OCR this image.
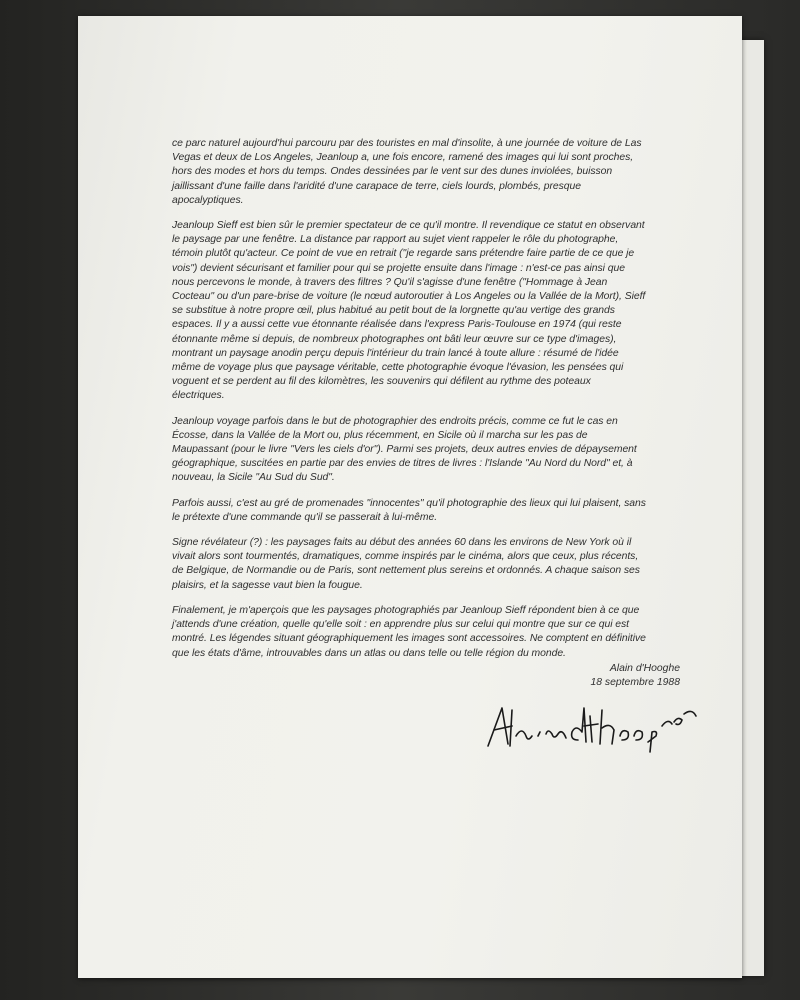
ce parc naturel aujourd'hui parcouru par des touristes en mal d'insolite, à une journée de voiture de Las Vegas et deux de Los Angeles, Jeanloup a, une fois encore, ramené des images qui lui sont proches, hors des modes et hors du temps. Ondes dessinées par le vent sur des dunes inviolées, buisson jaillissant d'une faille dans l'aridité d'une carapace de terre, ciels lourds, plombés, presque apocalyptiques.

Jeanloup Sieff est bien sûr le premier spectateur de ce qu'il montre. Il revendique ce statut en observant le paysage par une fenêtre. La distance par rapport au sujet vient rappeler le rôle du photographe, témoin plutôt qu'acteur. Ce point de vue en retrait ("je regarde sans prétendre faire partie de ce que je vois") devient sécurisant et familier pour qui se projette ensuite dans l'image : n'est-ce pas ainsi que nous percevons le monde, à travers des filtres ? Qu'il s'agisse d'une fenêtre ("Hommage à Jean Cocteau" ou d'un pare-brise de voiture (le nœud autoroutier à Los Angeles ou la Vallée de la Mort), Sieff se substitue à notre propre œil, plus habitué au petit bout de la lorgnette qu'au vertige des grands espaces. Il y a aussi cette vue étonnante réalisée dans l'express Paris-Toulouse en 1974 (qui reste étonnante même si depuis, de nombreux photographes ont bâti leur œuvre sur ce type d'images), montrant un paysage anodin perçu depuis l'intérieur du train lancé à toute allure : résumé de l'idée même de voyage plus que paysage véritable, cette photographie évoque l'évasion, les pensées qui voguent et se perdent au fil des kilomètres, les souvenirs qui défilent au rythme des poteaux électriques.

Jeanloup voyage parfois dans le but de photographier des endroits précis, comme ce fut le cas en Écosse, dans la Vallée de la Mort ou, plus récemment, en Sicile où il marcha sur les pas de Maupassant (pour le livre "Vers les ciels d'or"). Parmi ses projets, deux autres envies de dépaysement géographique, suscitées en partie par des envies de titres de livres : l'Islande "Au Nord du Nord" et, à nouveau, la Sicile "Au Sud du Sud".

Parfois aussi, c'est au gré de promenades "innocentes" qu'il photographie des lieux qui lui plaisent, sans le prétexte d'une commande qu'il se passerait à lui-même.

Signe révélateur (?) : les paysages faits au début des années 60 dans les environs de New York où il vivait alors sont tourmentés, dramatiques, comme inspirés par le cinéma, alors que ceux, plus récents, de Belgique, de Normandie ou de Paris, sont nettement plus sereins et ordonnés. A chaque saison ses plaisirs, et la sagesse vaut bien la fougue.

Finalement, je m'aperçois que les paysages photographiés par Jeanloup Sieff répondent bien à ce que j'attends d'une création, quelle qu'elle soit : en apprendre plus sur celui qui montre que sur ce qui est montré. Les légendes situant géographiquement les images sont accessoires. Ne comptent en définitive que les états d'âme, introuvables dans un atlas ou dans telle ou telle région du monde.

Alain d'Hooghe
18 septembre 1988
